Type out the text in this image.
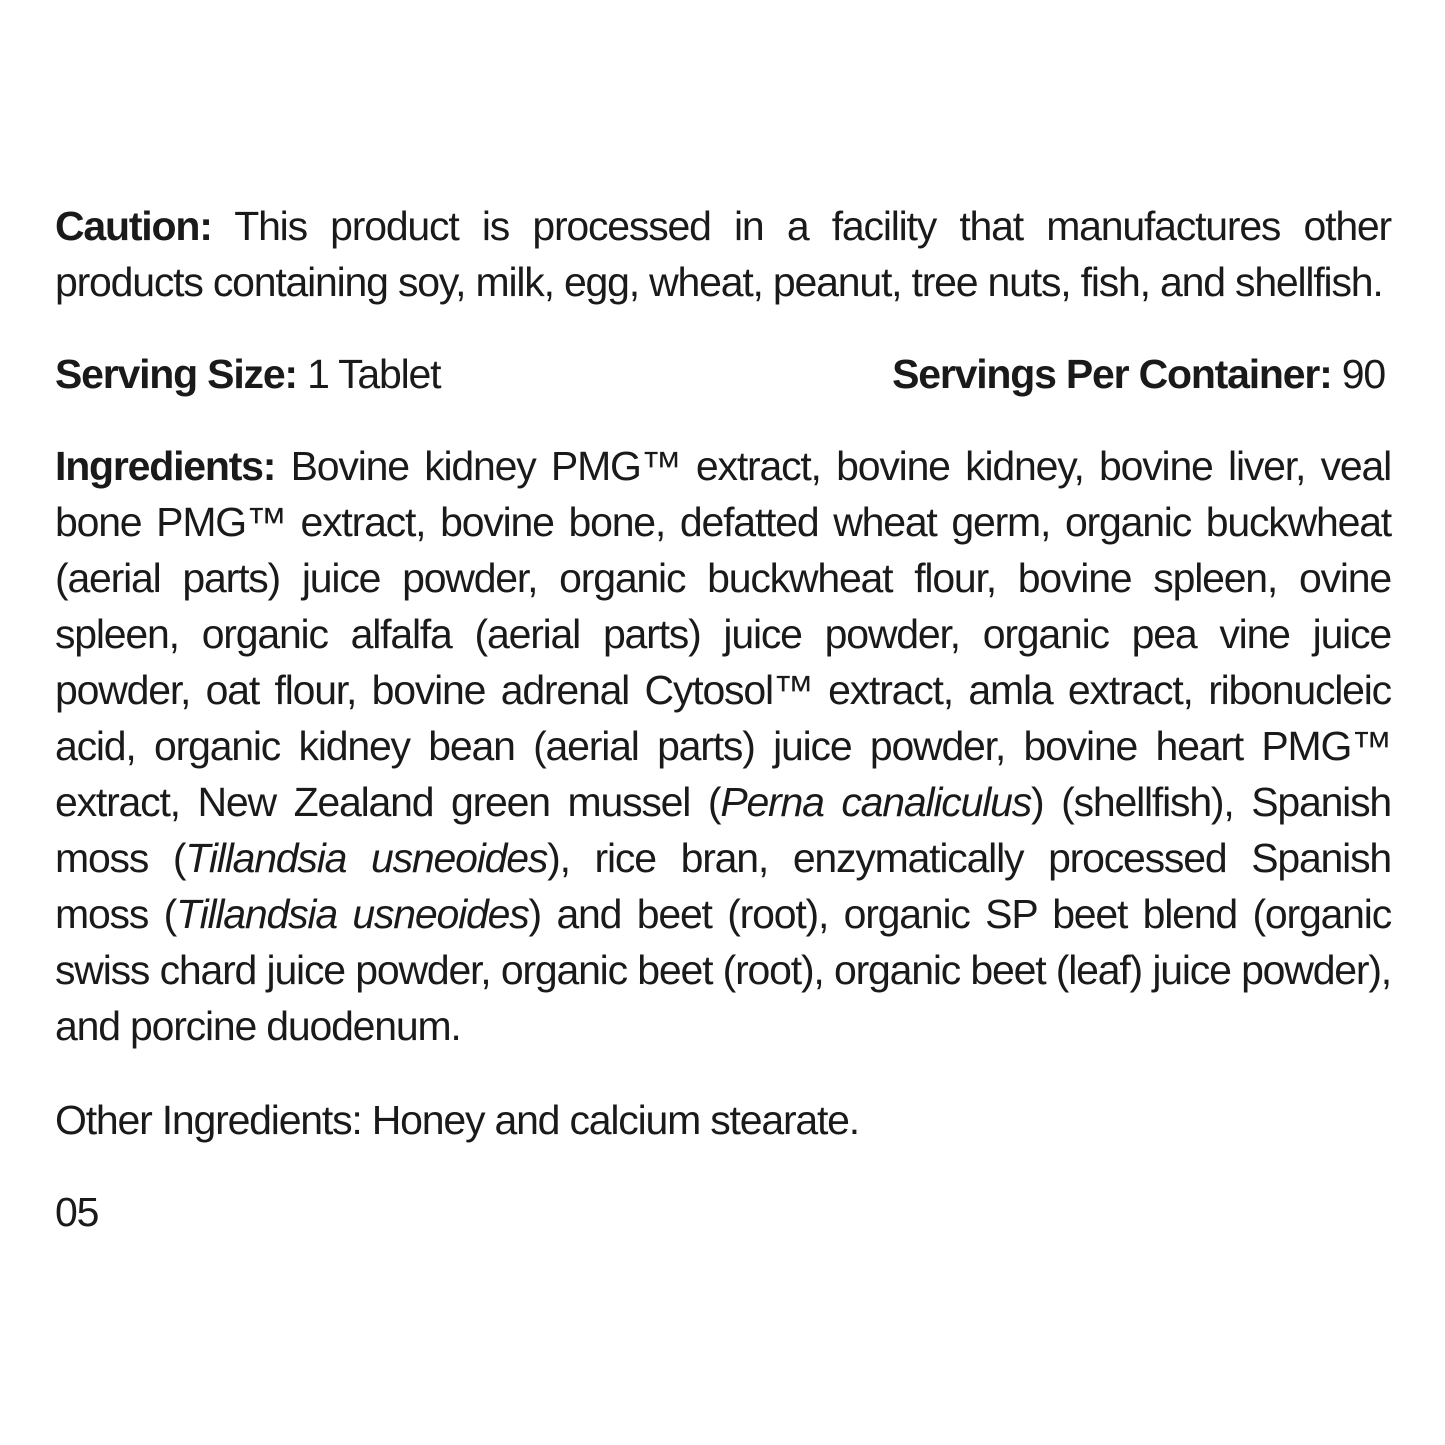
Caution: This product is processed in a facility that manufactures other products containing soy, milk, egg, wheat, peanut, tree nuts, fish, and shellfish.

Serving Size: 1 Tablet	Servings Per Container: 90

Ingredients: Bovine kidney PMG™ extract, bovine kidney, bovine liver, veal bone PMG™ extract, bovine bone, defatted wheat germ, organic buckwheat (aerial parts) juice powder, organic buckwheat flour, bovine spleen, ovine spleen, organic alfalfa (aerial parts) juice powder, organic pea vine juice powder, oat flour, bovine adrenal Cytosol™ extract, amla extract, ribonucleic acid, organic kidney bean (aerial parts) juice powder, bovine heart PMG™ extract, New Zealand green mussel (Perna canaliculus) (shellfish), Spanish moss (Tillandsia usneoides), rice bran, enzymatically processed Spanish moss (Tillandsia usneoides) and beet (root), organic SP beet blend (organic swiss chard juice powder, organic beet (root), organic beet (leaf) juice powder), and porcine duodenum.

Other Ingredients: Honey and calcium stearate.

05
